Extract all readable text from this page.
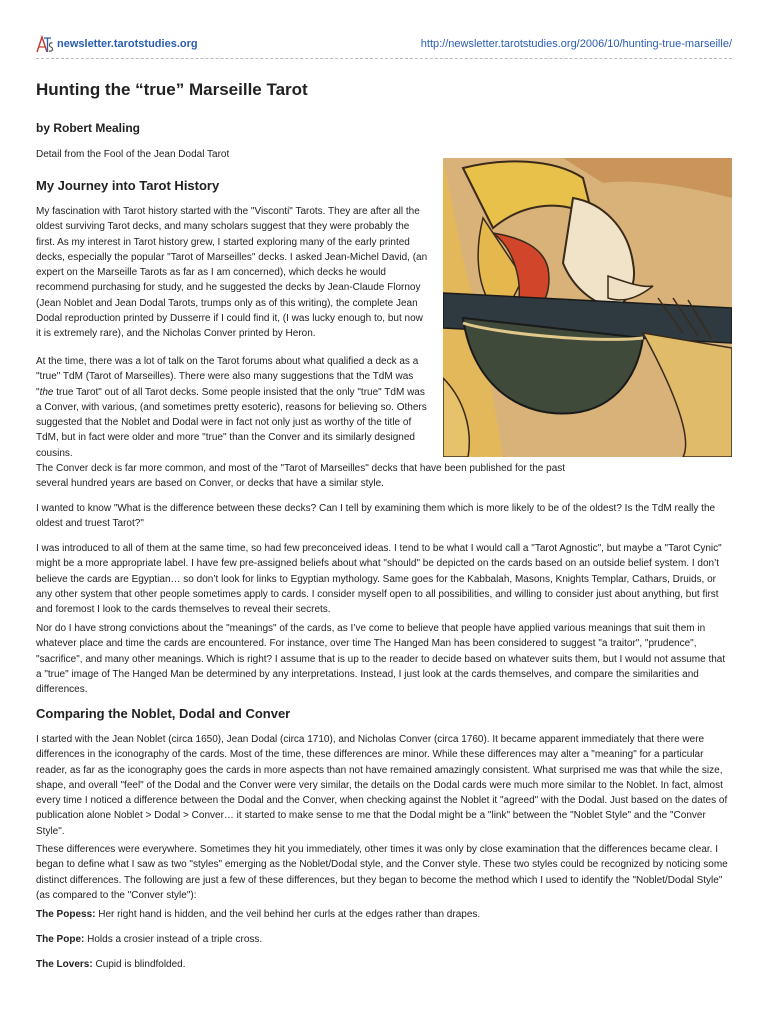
newsletter.tarotstudies.org	http://newsletter.tarotstudies.org/2006/10/hunting-true-marseille/
Hunting the “true” Marseille Tarot
by Robert Mealing
Detail from the Fool of the Jean Dodal Tarot
My Journey into Tarot History

My fascination with Tarot history started with the "Visconti" Tarots. They are after all the oldest surviving Tarot decks, and many scholars suggest that they were probably the first. As my interest in Tarot history grew, I started exploring many of the early printed decks, especially the popular "Tarot of Marseilles" decks. I asked Jean-Michel David, (an expert on the Marseille Tarots as far as I am concerned), which decks he would recommend purchasing for study, and he suggested the decks by Jean-Claude Flornoy (Jean Noblet and Jean Dodal Tarots, trumps only as of this writing), the complete Jean Dodal reproduction printed by Dusserre if I could find it, (I was lucky enough to, but now it is extremely rare), and the Nicholas Conver printed by Heron.

At the time, there was a lot of talk on the Tarot forums about what qualified a deck as a "true" TdM (Tarot of Marseilles). There were also many suggestions that the TdM was "the true Tarot" out of all Tarot decks. Some people insisted that the only "true" TdM was a Conver, with various, (and sometimes pretty esoteric), reasons for believing so. Others suggested that the Noblet and Dodal were in fact not only just as worthy of the title of TdM, but in fact were older and more "true" than the Conver and its similarly designed cousins.

The Conver deck is far more common, and most of the "Tarot of Marseilles" decks that have been published for the past several hundred years are based on Conver, or decks that have a similar style.

I wanted to know "What is the difference between these decks? Can I tell by examining them which is more likely to be of the oldest? Is the TdM really the oldest and truest Tarot?"

I was introduced to all of them at the same time, so had few preconceived ideas. I tend to be what I would call a "Tarot Agnostic", but maybe a "Tarot Cynic" might be a more appropriate label. I have few pre-assigned beliefs about what "should" be depicted on the cards based on an outside belief system. I don’t believe the cards are Egyptian… so don’t look for links to Egyptian mythology. Same goes for the Kabbalah, Masons, Knights Templar, Cathars, Druids, or any other system that other people sometimes apply to cards. I consider myself open to all possibilities, and willing to consider just about anything, but first and foremost I look to the cards themselves to reveal their secrets.

Nor do I have strong convictions about the "meanings" of the cards, as I’ve come to believe that people have applied various meanings that suit them in whatever place and time the cards are encountered. For instance, over time The Hanged Man has been considered to suggest "a traitor", "prudence", "sacrifice", and many other meanings. Which is right? I assume that is up to the reader to decide based on whatever suits them, but I would not assume that a "true" image of The Hanged Man be determined by any interpretations. Instead, I just look at the cards themselves, and compare the similarities and differences.

Comparing the Noblet, Dodal and Conver

I started with the Jean Noblet (circa 1650), Jean Dodal (circa 1710), and Nicholas Conver (circa 1760). It became apparent immediately that there were differences in the iconography of the cards. Most of the time, these differences are minor. While these differences may alter a "meaning" for a particular reader, as far as the iconography goes the cards in more aspects than not have remained amazingly consistent. What surprised me was that while the size, shape, and overall "feel" of the Dodal and the Conver were very similar, the details on the Dodal cards were much more similar to the Noblet. In fact, almost every time I noticed a difference between the Dodal and the Conver, when checking against the Noblet it "agreed" with the Dodal. Just based on the dates of publication alone Noblet > Dodal > Conver… it started to make sense to me that the Dodal might be a "link" between the "Noblet Style" and the "Conver Style".

These differences were everywhere. Sometimes they hit you immediately, other times it was only by close examination that the differences became clear. I began to define what I saw as two "styles" emerging as the Noblet/Dodal style, and the Conver style. These two styles could be recognized by noticing some distinct differences. The following are just a few of these differences, but they began to become the method which I used to identify the "Noblet/Dodal Style" (as compared to the "Conver style"):

The Popess: Her right hand is hidden, and the veil behind her curls at the edges rather than drapes.

The Pope: Holds a crosier instead of a triple cross.

The Lovers: Cupid is blindfolded.
